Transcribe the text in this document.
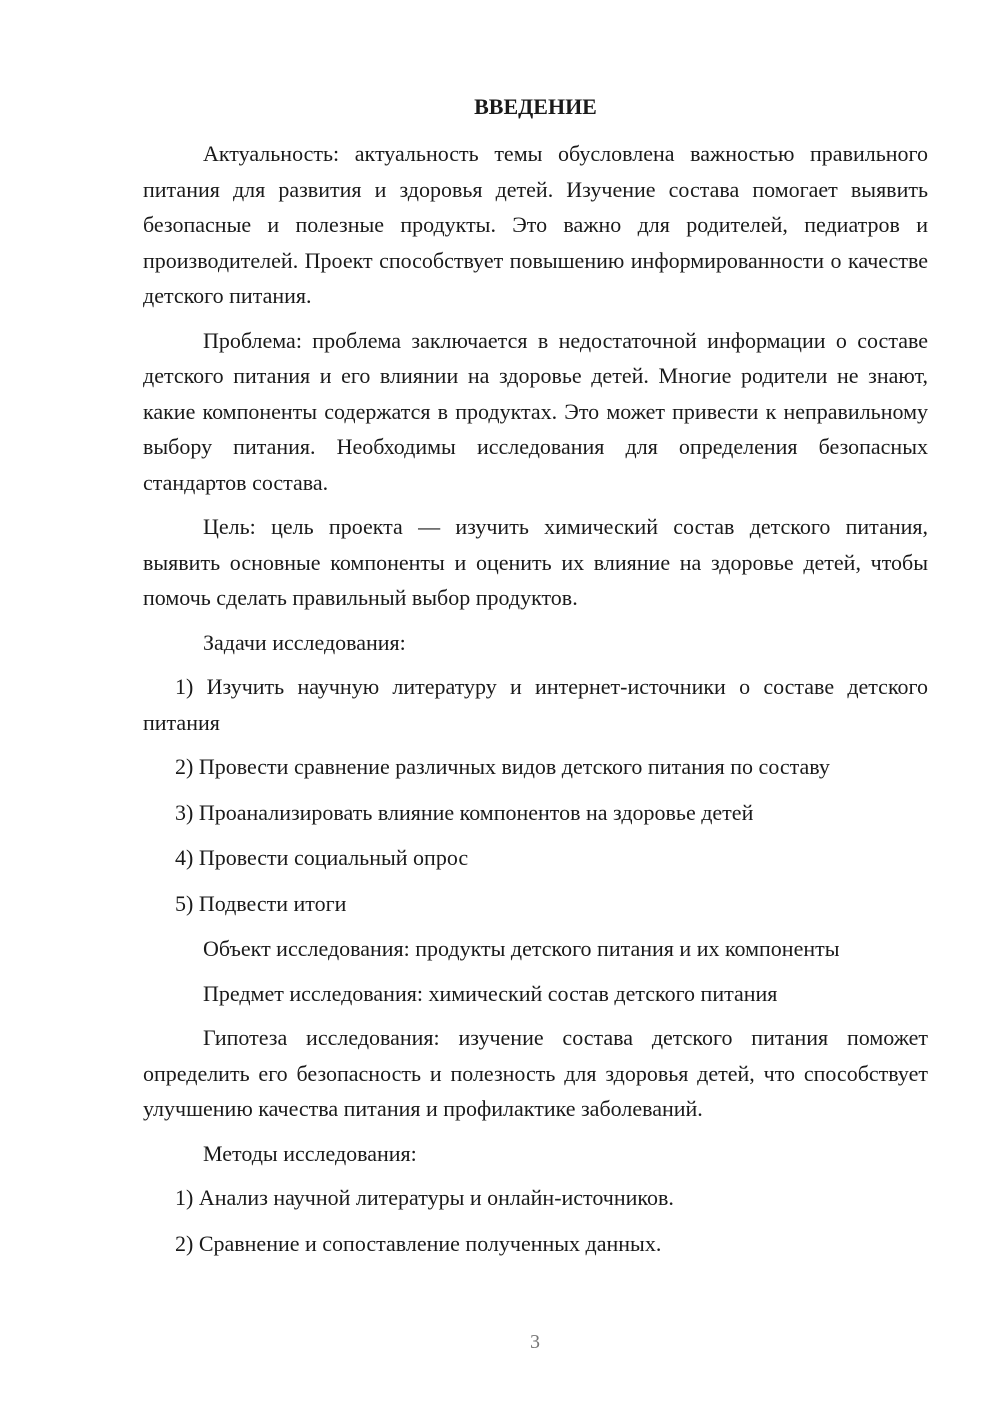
ВВЕДЕНИЕ

Актуальность: актуальность темы обусловлена важностью правильного питания для развития и здоровья детей. Изучение состава помогает выявить безопасные и полезные продукты. Это важно для родителей, педиатров и производителей. Проект способствует повышению информированности о качестве детского питания.

Проблема: проблема заключается в недостаточной информации о составе детского питания и его влиянии на здоровье детей. Многие родители не знают, какие компоненты содержатся в продуктах. Это может привести к неправильному выбору питания. Необходимы исследования для определения безопасных стандартов состава.

Цель: цель проекта — изучить химический состав детского питания, выявить основные компоненты и оценить их влияние на здоровье детей, чтобы помочь сделать правильный выбор продуктов.

Задачи исследования:

1) Изучить научную литературу и интернет-источники о составе детского питания

2) Провести сравнение различных видов детского питания по составу

3) Проанализировать влияние компонентов на здоровье детей

4) Провести социальный опрос

5) Подвести итоги

Объект исследования: продукты детского питания и их компоненты

Предмет исследования: химический состав детского питания

Гипотеза исследования: изучение состава детского питания поможет определить его безопасность и полезность для здоровья детей, что способствует улучшению качества питания и профилактике заболеваний.

Методы исследования:

1) Анализ научной литературы и онлайн-источников.

2) Сравнение и сопоставление полученных данных.

3
